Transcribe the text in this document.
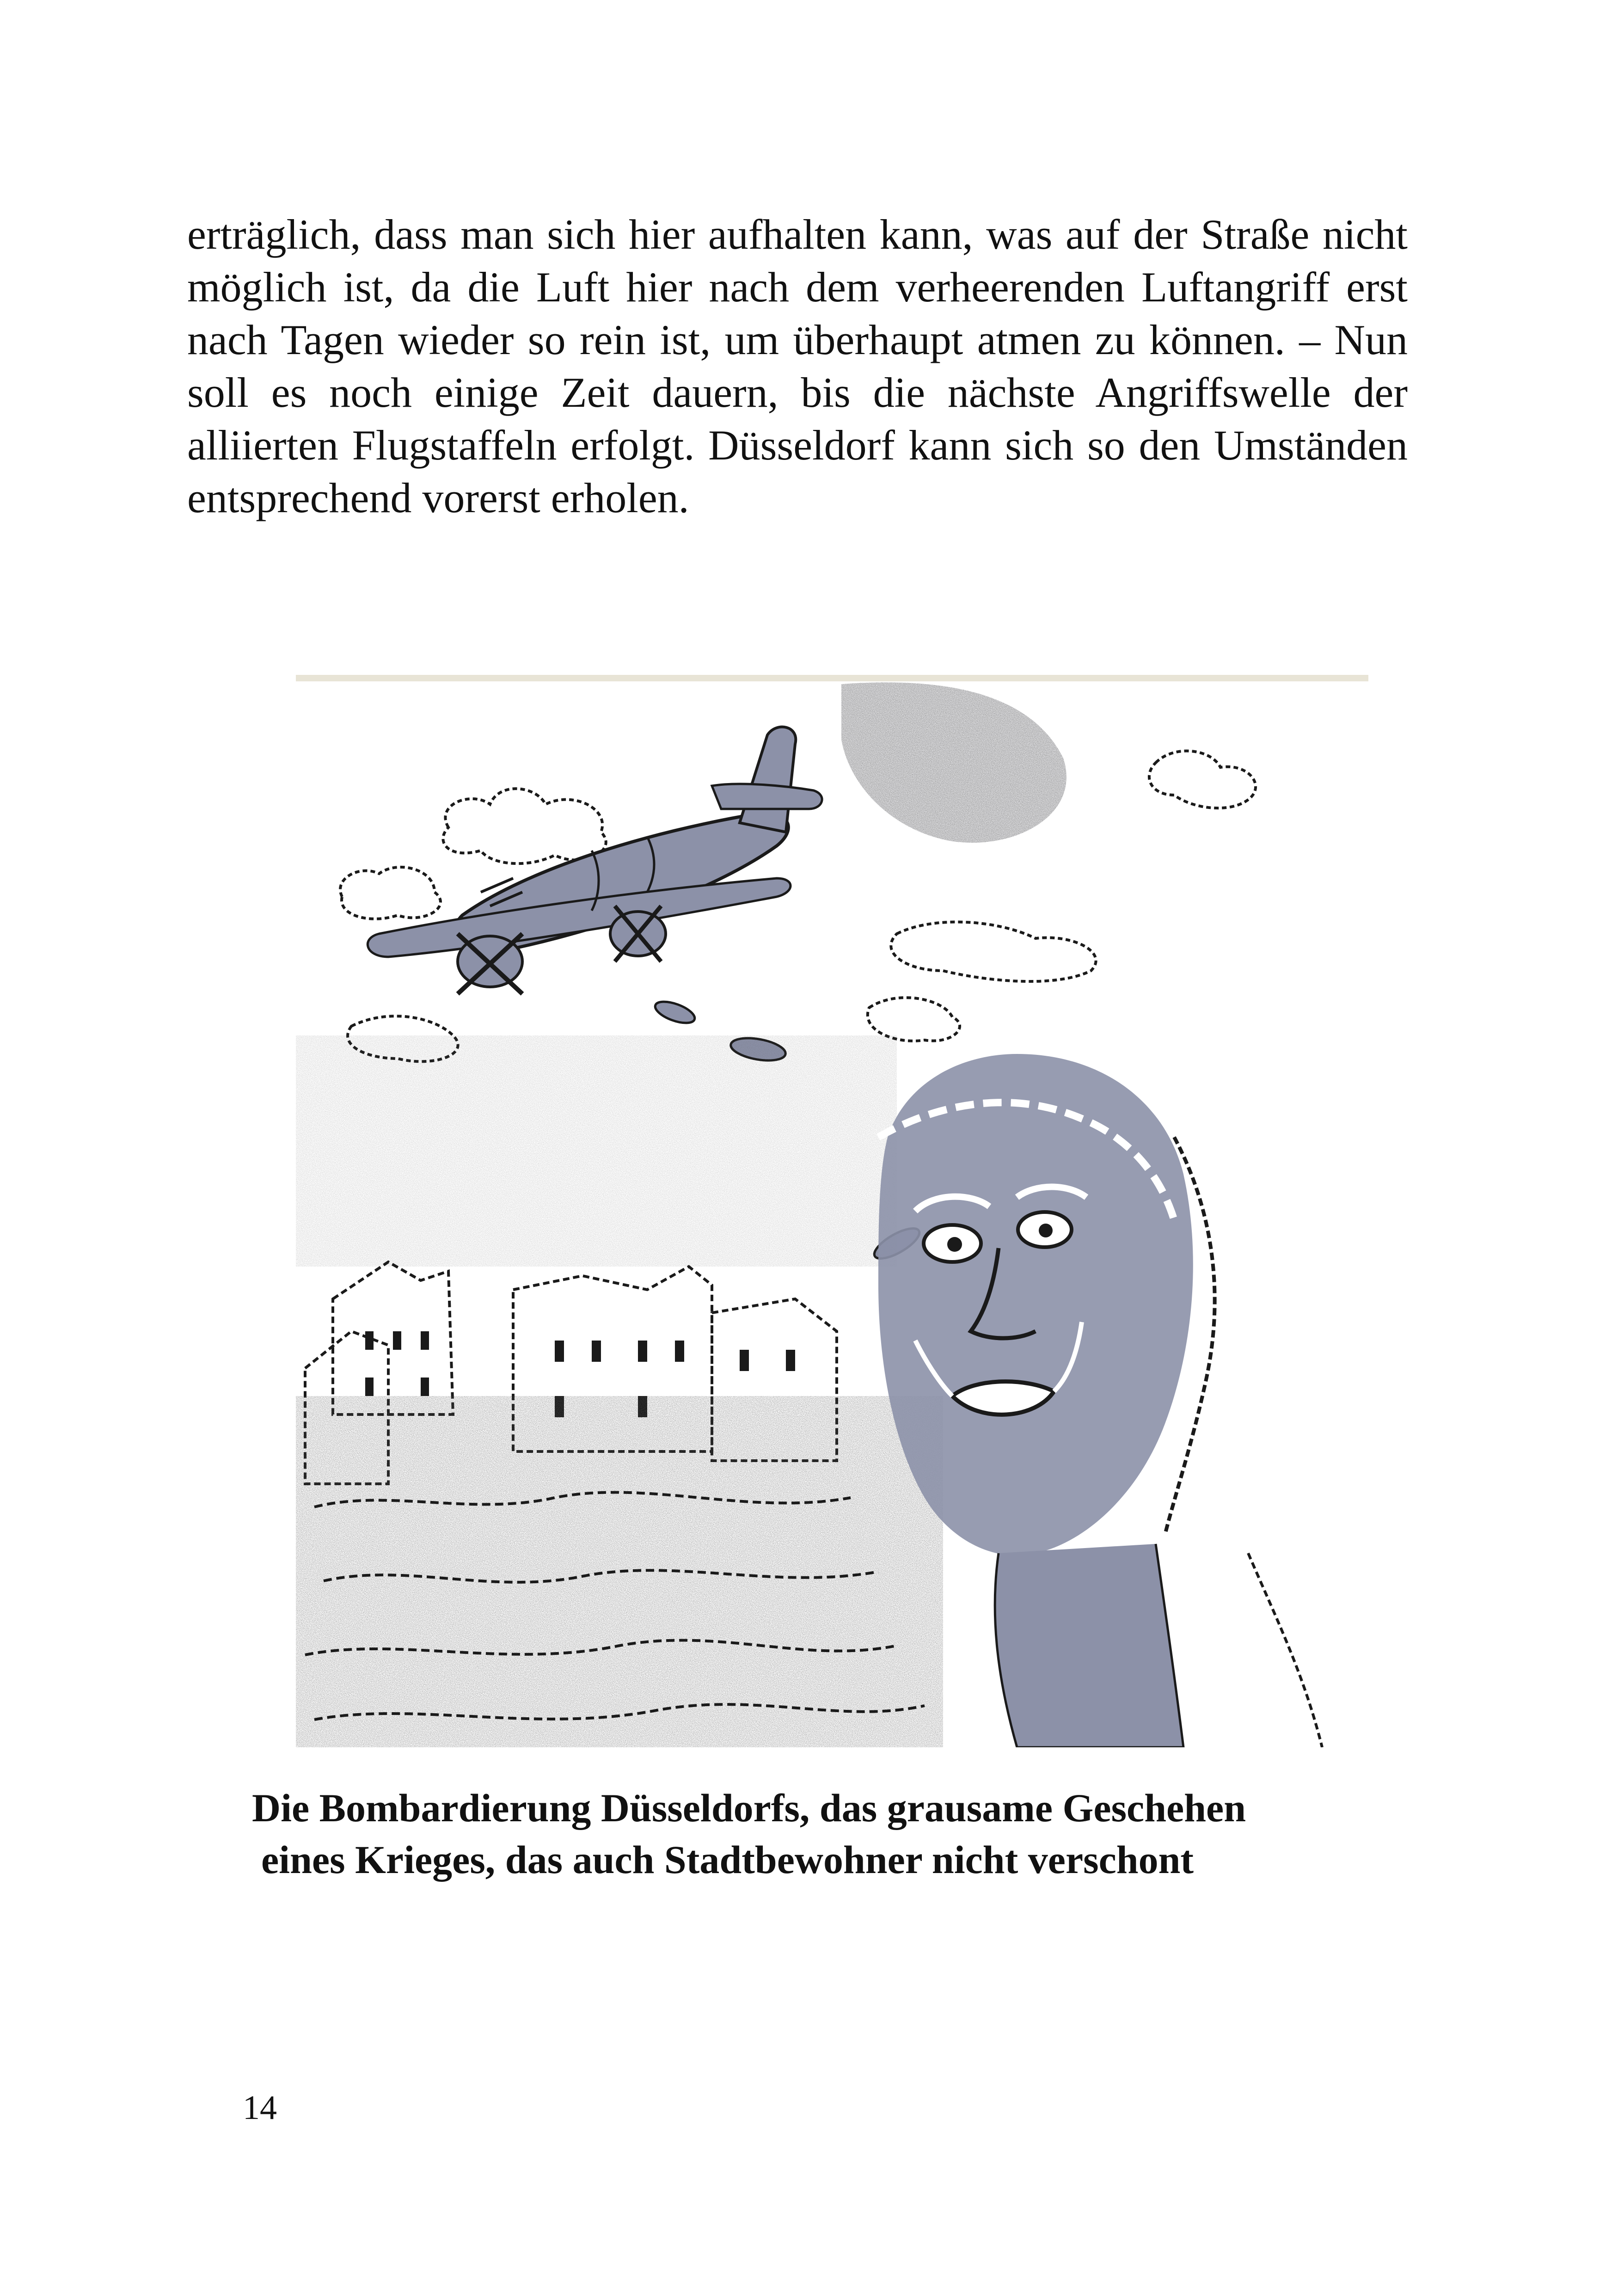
erträglich, dass man sich hier aufhalten kann, was auf der Straße nicht möglich ist, da die Luft hier nach dem verheerenden Luftangriff erst nach Tagen wieder so rein ist, um überhaupt atmen zu können. – Nun soll es noch einige Zeit dauern, bis die nächste Angriffswelle der alliierten Flugstaffeln erfolgt. Düsseldorf kann sich so den Umständen entsprechend vorerst erholen.

Die Bombardierung Düsseldorfs, das grausame Geschehen
eines Krieges, das auch Stadtbewohner nicht verschont

14
